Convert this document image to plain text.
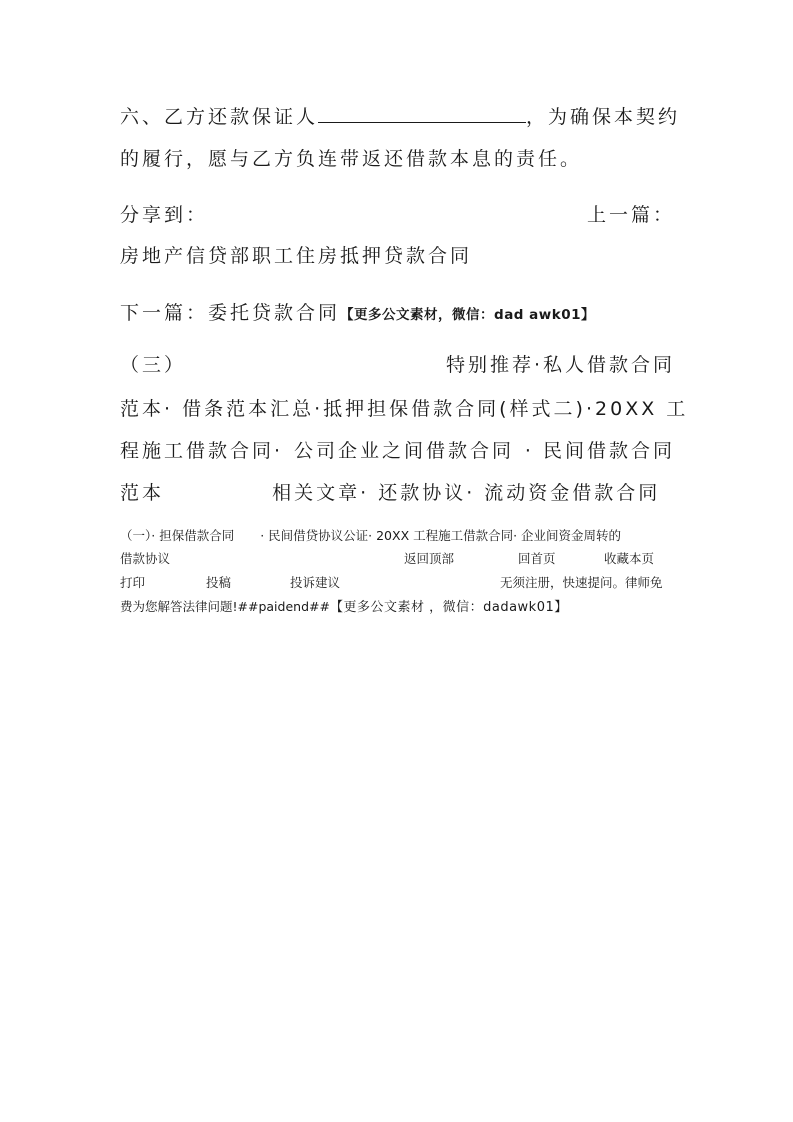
六、乙方还款保证人	，为确保本契约
的履行，愿与乙方负连带返还借款本息的责任。
分享到：	上一篇：
房地产信贷部职工住房抵押贷款合同
下一篇：委托贷款合同【更多公文素材，微信：dad awk01】
（三）	特别推荐·私人借款合同
范本 · 借条范本汇总· 抵押担保借款合同(样式二)· 20XX 工
程施工借款合同· 公司企业之间借款合同 · 民间借款合同
范本	相关文章· 还款协议· 流动资金借款合同
（一）· 担保借款合同 · 民间借贷协议公证· 20XX 工程施工借款合同· 企业间资金周转的
借款协议	返回顶部	回首页	收藏本页
打印	投稿	投诉建议	无须注册，快速提问。律师免
费为您解答法律问题!##paidend##【更多公文素材 ，微信：dadawk01】
